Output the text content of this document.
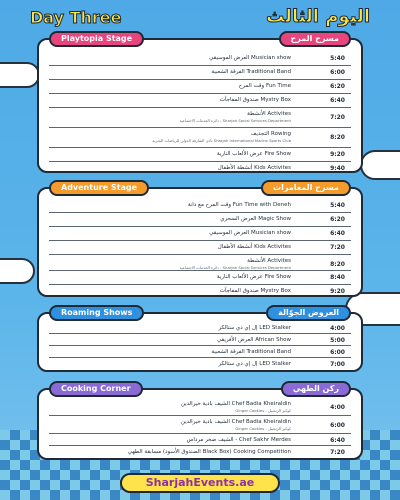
Day Three	اليوم الثالث
Playtopia Stage	مسرح المرح
العرض الموسيقي Musician show	5:40
الفرقة الشعبية Traditional Band	6:00
وقت المرح Fun Time	6:20
صندوق المفاجآت Mystry Box	6:40
الأنشطة Activites
دائرة الخدمات الاجتماعية - Sharjah Social Services Department	7:20
التجديف Rowing
نادي الشارقة الدولي للرياضات البحرية Sharjah International Marine Sports Club	8:20
عرض الألعاب النارية Fire Show	9:20
أنشطة الأطفال Kids Activites	9:40
Adventure Stage	مسرح المغامرات
وقت المرح مع دانة Fun Time with Deneh	5:40
العرض السحري Magic Show	6:20
العرض الموسيقي Musician show	6:40
أنشطة الأطفال Kids Activites	7:20
الأنشطة Activites
دائرة الخدمات الاجتماعية - Sharjah Social Services Department	8:20
عرض الألعاب النارية Fire Show	8:40
صندوق المفاجآت Mystry Box	9:20
Roaming Shows	العروض الجوّالة
إل إي دي ستالكر LED Stalker	4:00
العرض الأفريقي African Show	5:00
الفرقة الشعبية Traditional Band	6:00
إل إي دي ستالكر LED Stalker	7:00
Cooking Corner	ركن الطهي
الشيف بادية خيرالدين Chef Badia Kheiraldin
Ginger Cookies - كوكيز الزنجبيل	4:00
الشيف بادية خيرالدين Chef Badia Kheiraldin
Ginger Cookies - كوكيز الزنجبيل	6:00
الشيف صخر مرداس - Chef Sakhr Merdes	6:40
مسابقة الطهي (الصندوق الأسود Black Box) Cooking Competition	7:20
SharjahEvents.ae
